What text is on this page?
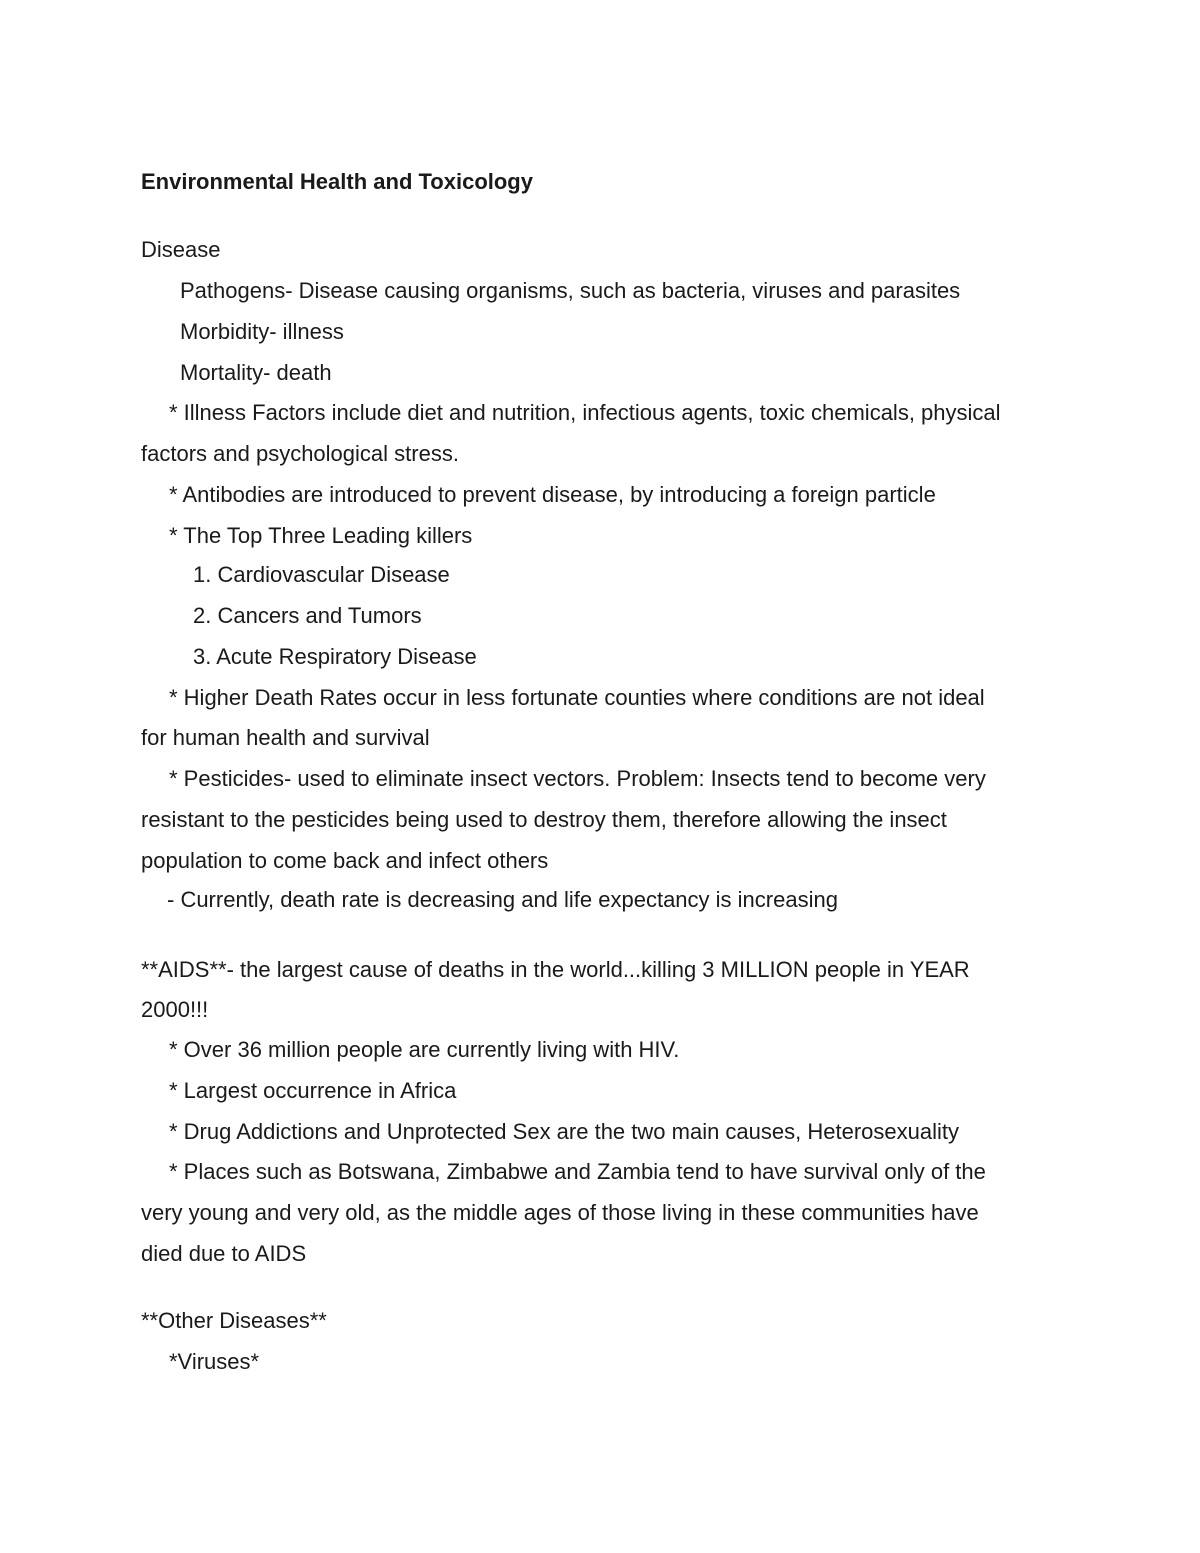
Environmental Health and Toxicology
Disease
Pathogens- Disease causing organisms, such as bacteria, viruses and parasites
Morbidity- illness
Mortality- death
* Illness Factors include diet and nutrition, infectious agents, toxic chemicals, physical
factors and psychological stress.
* Antibodies are introduced to prevent disease, by introducing a foreign particle
* The Top Three Leading killers
1. Cardiovascular Disease
2. Cancers and Tumors
3. Acute Respiratory Disease
* Higher Death Rates occur in less fortunate counties where conditions are not ideal
for human health and survival
* Pesticides- used to eliminate insect vectors. Problem: Insects tend to become very
resistant to the pesticides being used to destroy them, therefore allowing the insect
population to come back and infect others
- Currently, death rate is decreasing and life expectancy is increasing
**AIDS**- the largest cause of deaths in the world...killing 3 MILLION people in YEAR
2000!!!
* Over 36 million people are currently living with HIV.
* Largest occurrence in Africa
* Drug Addictions and Unprotected Sex are the two main causes, Heterosexuality
* Places such as Botswana, Zimbabwe and Zambia tend to have survival only of the
very young and very old, as the middle ages of those living in these communities have
died due to AIDS
**Other Diseases**
*Viruses*
